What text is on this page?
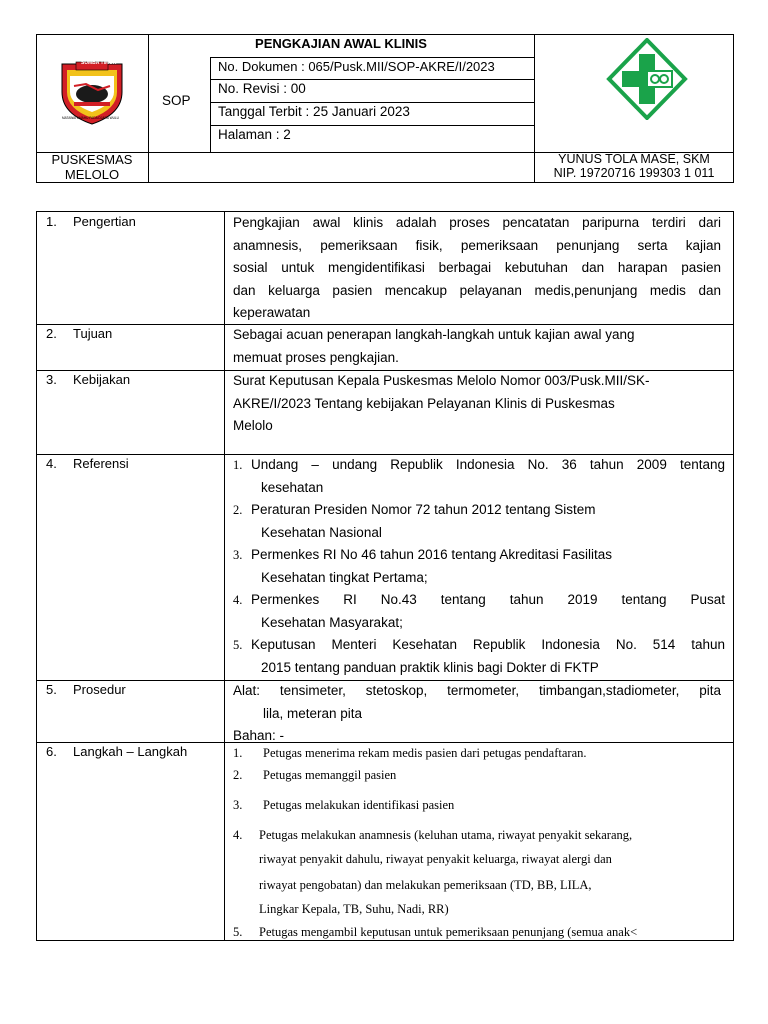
SUMBA TIMUR
MATAWAI AMAHU PADA DJARA WULU
PENGKAJIAN AWAL KLINIS
SOP
No. Dokumen : 065/Pusk.MII/SOP-AKRE/I/2023
No. Revisi : 00
Tanggal Terbit : 25 Januari 2023
Halaman : 2
PUSKESMAS
MELOLO
YUNUS TOLA MASE, SKM
NIP. 19720716 199303 1 011
1. Pengertian	Pengkajian awal klinis adalah proses pencatatan paripurna terdiri dari
anamnesis, pemeriksaan fisik, pemeriksaan penunjang serta kajian
sosial untuk mengidentifikasi berbagai kebutuhan dan harapan pasien
dan keluarga pasien mencakup pelayanan medis,penunjang medis dan
keperawatan
2. Tujuan	Sebagai acuan penerapan langkah-langkah untuk kajian awal yang
memuat proses pengkajian.
3. Kebijakan	Surat Keputusan Kepala Puskesmas Melolo Nomor 003/Pusk.MII/SK-
AKRE/I/2023 Tentang kebijakan Pelayanan Klinis di Puskesmas
Melolo
4. Referensi	1. Undang – undang Republik Indonesia No. 36 tahun 2009 tentang
kesehatan
2. Peraturan Presiden Nomor 72 tahun 2012 tentang Sistem
Kesehatan Nasional
3. Permenkes RI No 46 tahun 2016 tentang Akreditasi Fasilitas
Kesehatan tingkat Pertama;
4. Permenkes RI No.43 tentang tahun 2019 tentang Pusat
Kesehatan Masyarakat;
5. Keputusan Menteri Kesehatan Republik Indonesia No. 514 tahun
2015 tentang panduan praktik klinis bagi Dokter di FKTP
5. Prosedur	Alat: tensimeter, stetoskop, termometer, timbangan,stadiometer, pita
lila, meteran pita
Bahan: -
6. Langkah – Langkah	1. Petugas menerima rekam medis pasien dari petugas pendaftaran.
2. Petugas memanggil pasien
3. Petugas melakukan identifikasi pasien
4. Petugas melakukan anamnesis (keluhan utama, riwayat penyakit sekarang,
riwayat penyakit dahulu, riwayat penyakit keluarga, riwayat alergi dan
riwayat pengobatan) dan melakukan pemeriksaan (TD, BB, LILA,
Lingkar Kepala, TB, Suhu, Nadi, RR)
5. Petugas mengambil keputusan untuk pemeriksaan penunjang (semua anak<
